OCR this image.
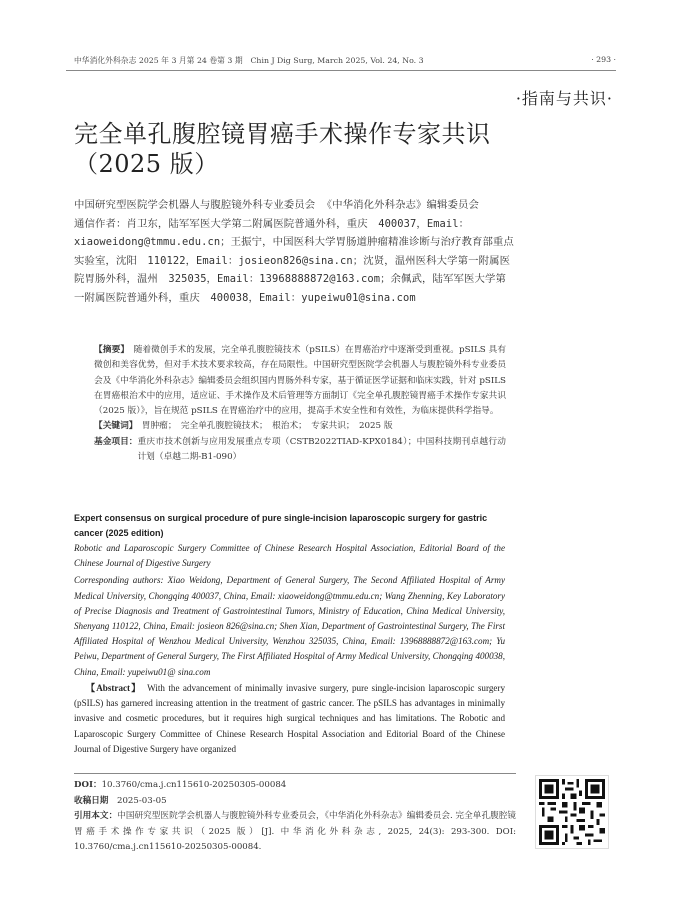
中华消化外科杂志 2025 年 3 月第 24 卷第 3 期　Chin J Dig Surg, March 2025, Vol. 24, No. 3	· 293 ·
·指南与共识·
完全单孔腹腔镜胃癌手术操作专家共识
（2025 版）

中国研究型医院学会机器人与腹腔镜外科专业委员会 《中华消化外科杂志》编辑委员会

通信作者：肖卫东，陆军军医大学第二附属医院普通外科，重庆　400037，Email：xiaoweidong@tmmu.edu.cn；王振宁，中国医科大学胃肠道肿瘤精准诊断与治疗教育部重点实验室，沈阳　110122，Email：josieon826@sina.cn；沈贤，温州医科大学第一附属医院胃肠外科，温州　325035，Email：13968888872@163.com；余佩武，陆军军医大学第一附属医院普通外科，重庆　400038，Email：yupeiwu01@sina.com

【摘要】　 随着微创手术的发展，完全单孔腹腔镜技术（pSILS）在胃癌治疗中逐渐受到重视。pSILS 具有微创和美容优势，但对手术技术要求较高，存在局限性。中国研究型医院学会机器人与腹腔镜外科专业委员会及《中华消化外科杂志》编辑委员会组织国内胃肠外科专家，基于循证医学证据和临床实践，针对 pSILS 在胃癌根治术中的应用，适应证、手术操作及术后管理等方面制订《完全单孔腹腔镜胃癌手术操作专家共识（2025 版）》，旨在规范 pSILS 在胃癌治疗中的应用，提高手术安全性和有效性，为临床提供科学指导。

【关键词】　 胃肿瘤；　完全单孔腹腔镜技术；　根治术；　专家共识；　2025 版

基金项目： 重庆市技术创新与应用发展重点专项（CSTB2022TIAD-KPX0184）；中国科技期刊卓越行动计划（卓越二期-B1-090）

Expert consensus on surgical procedure of pure single-incision laparoscopic surgery for gastric cancer (2025 edition)

Robotic and Laparoscopic Surgery Committee of Chinese Research Hospital Association, Editorial Board of the Chinese Journal of Digestive Surgery

Corresponding authors: Xiao Weidong, Department of General Surgery, The Second Affiliated Hospital of Army Medical University, Chongqing 400037, China, Email: xiaoweidong@tmmu.edu.cn; Wang Zhenning, Key Laboratory of Precise Diagnosis and Treatment of Gastrointestinal Tumors, Ministry of Education, China Medical University, Shenyang 110122, China, Email: josieon 826@sina.cn; Shen Xian, Department of Gastrointestinal Surgery, The First Affiliated Hospital of Wenzhou Medical University, Wenzhou 325035, China, Email: 13968888872@163.com; Yu Peiwu, Department of General Surgery, The First Affiliated Hospital of Army Medical University, Chongqing 400038, China, Email: yupeiwu01@ sina.com

【Abstract】　 With the advancement of minimally invasive surgery, pure single-incision laparoscopic surgery (pSILS) has garnered increasing attention in the treatment of gastric cancer. The pSILS has advantages in minimally invasive and cosmetic procedures, but it requires high surgical techniques and has limitations. The Robotic and Laparoscopic Surgery Committee of Chinese Research Hospital Association and Editorial Board of the Chinese Journal of Digestive Surgery have organized

DOI：10.3760/cma.j.cn115610-20250305-00084

收稿日期　 2025-03-05

引用本文：中国研究型医院学会机器人与腹腔镜外科专业委员会，《中华消化外科杂志》编辑委员会. 完全单孔腹腔镜胃癌手术操作专家共识（2025 版）[J]. 中华消化外科杂志, 2025, 24(3): 293-300. DOI: 10.3760/cma.j.cn115610-20250305-00084.
